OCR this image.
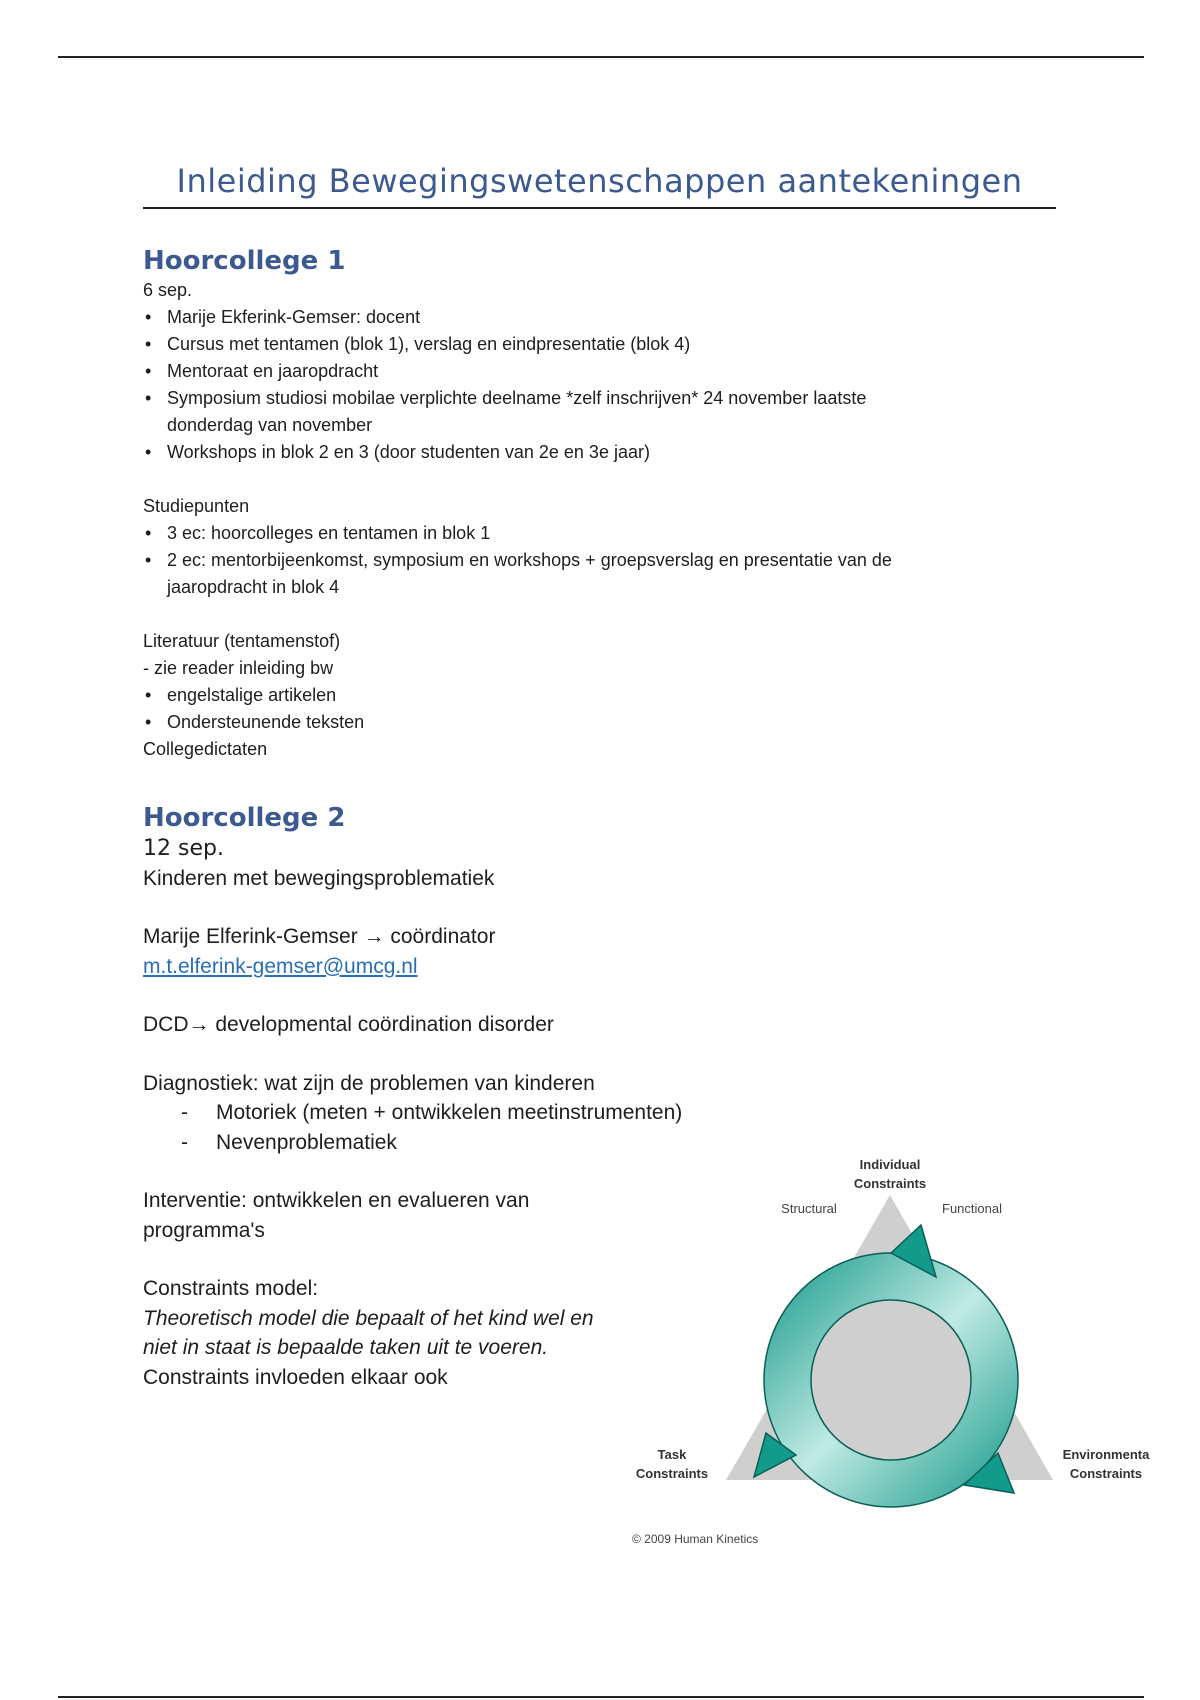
Inleiding Bewegingswetenschappen aantekeningen
Hoorcollege 1
6 sep.
• Marije Ekferink-Gemser: docent
• Cursus met tentamen (blok 1), verslag en eindpresentatie (blok 4)
• Mentoraat en jaaropdracht
• Symposium studiosi mobilae verplichte deelname *zelf inschrijven* 24 november laatste donderdag van november
• Workshops in blok 2 en 3 (door studenten van 2e en 3e jaar)
Studiepunten
• 3 ec: hoorcolleges en tentamen in blok 1
• 2 ec: mentorbijeenkomst, symposium en workshops + groepsverslag en presentatie van de jaaropdracht in blok 4
Literatuur (tentamenstof)
- zie reader inleiding bw
• engelstalige artikelen
• Ondersteunende teksten
Collegedictaten
Hoorcollege 2
12 sep.
Kinderen met bewegingsproblematiek
Marije Elferink-Gemser → coördinator
m.t.elferink-gemser@umcg.nl
DCD→ developmental coördination disorder
Diagnostiek: wat zijn de problemen van kinderen
- Motoriek (meten + ontwikkelen meetinstrumenten)
- Nevenproblematiek
Interventie: ontwikkelen en evalueren van programma's
Constraints model:
Theoretisch model die bepaalt of het kind wel en niet in staat is bepaalde taken uit te voeren.
Constraints invloeden elkaar ook
Individual
Constraints
Structural	Functional
Task
Constraints
Environmenta
Constraints
© 2009 Human Kinetics
